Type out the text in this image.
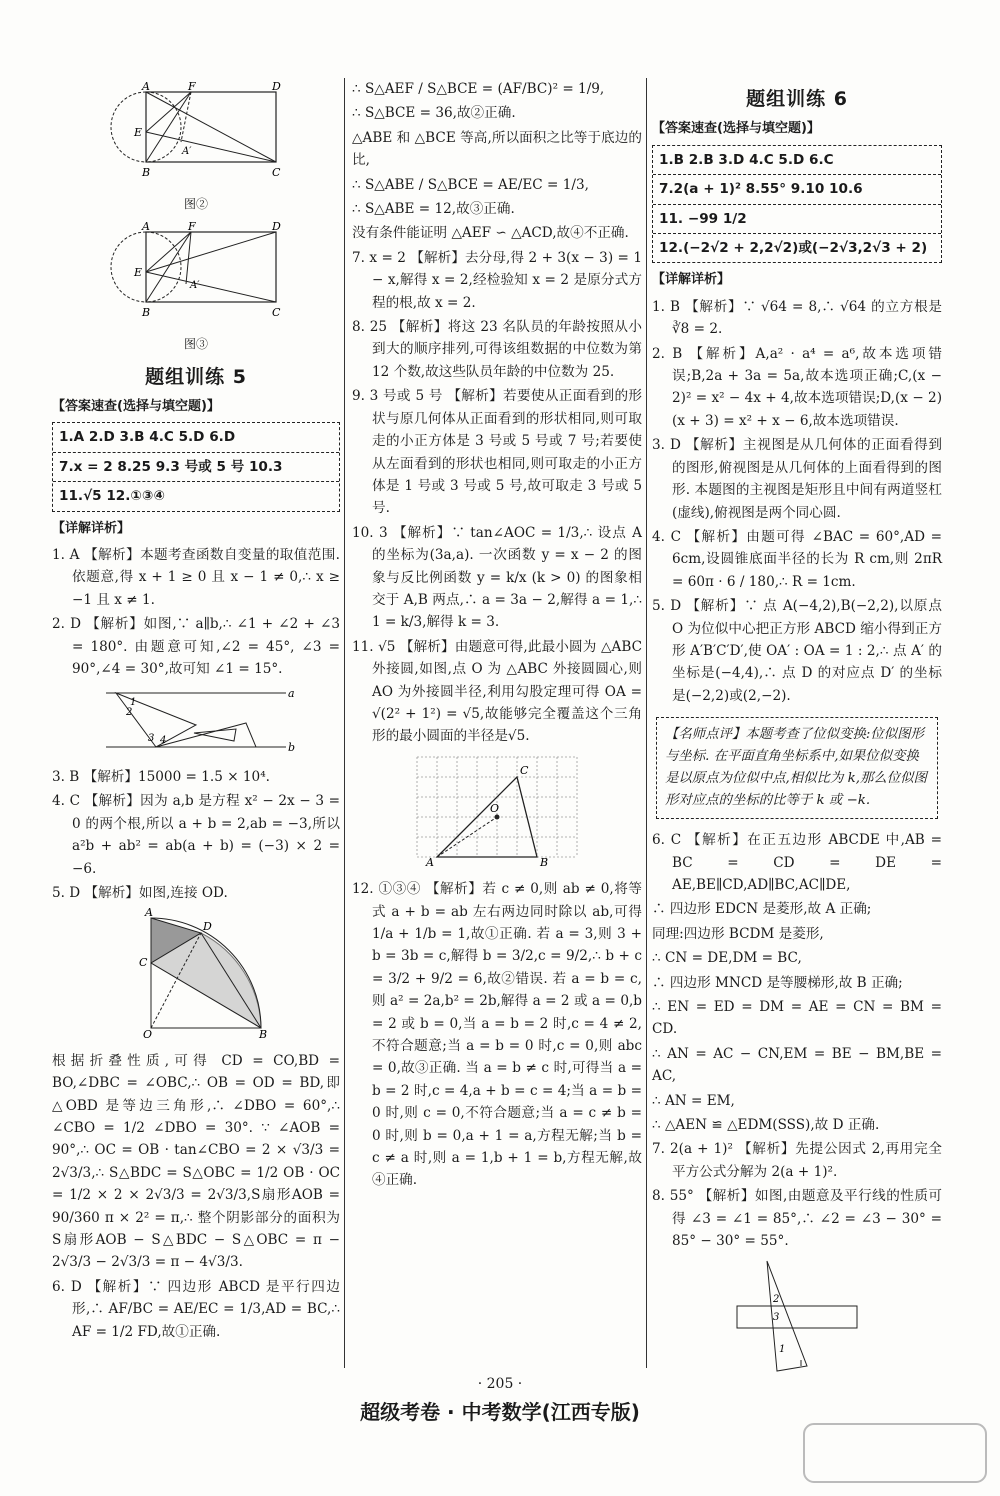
A	F	D
E
A′
B	C
图②
A	F	D
E
A′
B	C
图③
题组训练 5
【答案速查(选择与填空题)】
1.A 2.D 3.B 4.C 5.D 6.D
7.x = 2 8.25 9.3 号或 5 号 10.3
11.√5 12.①③④
【详解详析】

1. A 【解析】本题考查函数自变量的取值范围. 依题意,得 x + 1 ≥ 0 且 x − 1 ≠ 0,∴ x ≥ −1 且 x ≠ 1.

2. D 【解析】如图,∵ a∥b,∴ ∠1 + ∠2 + ∠3 = 180°. 由题意可知,∠2 = 45°, ∠3 = 90°,∠4 = 30°,故可知 ∠1 = 15°.

a
b
1
2
3 4

3. B 【解析】15000 = 1.5 × 10⁴.

4. C 【解析】因为 a,b 是方程 x² − 2x − 3 = 0 的两个根,所以 a + b = 2,ab = −3,所以 a²b + ab² = ab(a + b) = (−3) × 2 = −6.

5. D 【解析】如图,连接 OD.

A
D
C
O	B

根据折叠性质,可得 CD = CO,BD = BO,∠DBC = ∠OBC,∴ OB = OD = BD,即 △OBD 是等边三角形,∴ ∠DBO = 60°,∴ ∠CBO = 1/2 ∠DBO = 30°. ∵ ∠AOB = 90°,∴ OC = OB · tan∠CBO = 2 × √3/3 = 2√3/3,∴ S△BDC = S△OBC = 1/2 OB · OC = 1/2 × 2 × 2√3/3 = 2√3/3,S扇形AOB = 90/360 π × 2² = π,∴ 整个阴影部分的面积为 S扇形AOB − S△BDC − S△OBC = π − 2√3/3 − 2√3/3 = π − 4√3/3.

6. D 【解析】∵ 四边形 ABCD 是平行四边形,∴ AF/BC = AE/EC = 1/3,AD = BC,∴ AF = 1/2 FD,故①正确.

∴ S△AEF / S△BCE = (AF/BC)² = 1/9,

∴ S△BCE = 36,故②正确.

△ABE 和 △BCE 等高,所以面积之比等于底边的比,

∴ S△ABE / S△BCE = AE/EC = 1/3,

∴ S△ABE = 12,故③正确.

没有条件能证明 △AEF ∽ △ACD,故④不正确.

7. x = 2 【解析】去分母,得 2 + 3(x − 3) = 1 − x,解得 x = 2,经检验知 x = 2 是原分式方程的根,故 x = 2.

8. 25 【解析】将这 23 名队员的年龄按照从小到大的顺序排列,可得该组数据的中位数为第 12 个数,故这些队员年龄的中位数为 25.

9. 3 号或 5 号 【解析】若要使从正面看到的形状与原几何体从正面看到的形状相同,则可取走的小正方体是 3 号或 5 号或 7 号;若要使从左面看到的形状也相同,则可取走的小正方体是 1 号或 3 号或 5 号,故可取走 3 号或 5 号.

10. 3 【解析】∵ tan∠AOC = 1/3,∴ 设点 A 的坐标为(3a,a). 一次函数 y = x − 2 的图象与反比例函数 y = k/x (k > 0) 的图象相交于 A,B 两点,∴ a = 3a − 2,解得 a = 1,∴ 1 = k/3,解得 k = 3.

11. √5 【解析】由题意可得,此最小圆为 △ABC 外接圆,如图,点 O 为 △ABC 外接圆圆心,则 AO 为外接圆半径,利用勾股定理可得 OA = √(2² + 1²) = √5,故能够完全覆盖这个三角形的最小圆面的半径是√5.

A	B
C
O

12. ①③④ 【解析】若 c ≠ 0,则 ab ≠ 0,将等式 a + b = ab 左右两边同时除以 ab,可得 1/a + 1/b = 1,故①正确. 若 a = 3,则 3 + b = 3b = c,解得 b = 3/2,c = 9/2,∴ b + c = 3/2 + 9/2 = 6,故②错误. 若 a = b = c,则 a² = 2a,b² = 2b,解得 a = 2 或 a = 0,b = 2 或 b = 0,当 a = b = 2 时,c = 4 ≠ 2,不符合题意;当 a = b = 0 时,c = 0,则 abc = 0,故③正确. 当 a = b ≠ c 时,可得当 a = b = 2 时,c = 4,a + b = c = 4;当 a = b = 0 时,则 c = 0,不符合题意;当 a = c ≠ b = 0 时,则 b = 0,a + 1 = a,方程无解;当 b = c ≠ a 时,则 a = 1,b + 1 = b,方程无解,故④正确.

题组训练 6
【答案速查(选择与填空题)】
1.B 2.B 3.D 4.C 5.D 6.C
7.2(a + 1)² 8.55° 9.10 10.6
11. −99 1/2
12.(−2√2 + 2,2√2)或(−2√3,2√3 + 2)
【详解详析】

1. B 【解析】∵ √64 = 8,∴ √64 的立方根是∛8 = 2.

2. B 【解析】A,a² · a⁴ = a⁶,故本选项错误;B,2a + 3a = 5a,故本选项正确;C,(x − 2)² = x² − 4x + 4,故本选项错误;D,(x − 2)(x + 3) = x² + x − 6,故本选项错误.

3. D 【解析】主视图是从几何体的正面看得到的图形,俯视图是从几何体的上面看得到的图形. 本题图的主视图是矩形且中间有两道竖杠(虚线),俯视图是两个同心圆.

4. C 【解析】由题可得 ∠BAC = 60°,AD = 6cm,设圆锥底面半径的长为 R cm,则 2πR = 60π · 6 / 180,∴ R = 1cm.

5. D 【解析】∵ 点 A(−4,2),B(−2,2),以原点 O 为位似中心把正方形 ABCD 缩小得到正方形 A′B′C′D′,使 OA′ : OA = 1 : 2,∴ 点 A′ 的坐标是(−4,4),∴ 点 D 的对应点 D′ 的坐标是(−2,2)或(2,−2).

【名师点评】本题考查了位似变换:位似图形与坐标. 在平面直角坐标系中,如果位似变换是以原点为位似中点,相似比为 k,那么位似图形对应点的坐标的比等于 k 或 −k.

6. C 【解析】在正五边形 ABCDE 中,AB = BC = CD = DE = AE,BE∥CD,AD∥BC,AC∥DE,

∴ 四边形 EDCN 是菱形,故 A 正确;

同理:四边形 BCDM 是菱形,

∴ CN = DE,DM = BC,

∴ 四边形 MNCD 是等腰梯形,故 B 正确;

∴ EN = ED = DM = AE = CN = BM = CD.

∴ AN = AC − CN,EM = BE − BM,BE = AC,

∴ AN = EM,

∴ △AEN ≌ △EDM(SSS),故 D 正确.

7. 2(a + 1)² 【解析】先提公因式 2,再用完全平方公式分解为 2(a + 1)².

8. 55° 【解析】如图,由题意及平行线的性质可得 ∠3 = ∠1 = 85°,∴ ∠2 = ∠3 − 30° = 85° − 30° = 55°.

2
3
1
· 205 ·
超级考卷 · 中考数学(江西专版)
